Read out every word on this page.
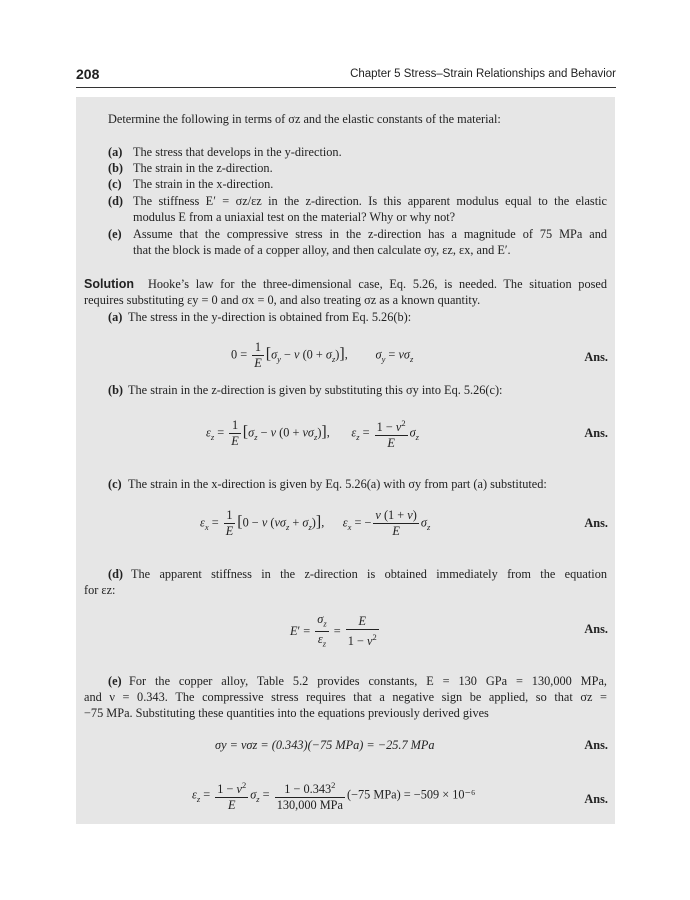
208	Chapter 5 Stress–Strain Relationships and Behavior
Determine the following in terms of σz and the elastic constants of the material:
(a) The stress that develops in the y-direction.
(b) The strain in the z-direction.
(c) The strain in the x-direction.
(d) The stiffness E′ = σz/εz in the z-direction. Is this apparent modulus equal to the elastic
modulus E from a uniaxial test on the material? Why or why not?
(e) Assume that the compressive stress in the z-direction has a magnitude of 75 MPa and
that the block is made of a copper alloy, and then calculate σy, εz, εx, and E′.
Solution Hooke’s law for the three-dimensional case, Eq. 5.26, is needed. The situation posed
requires substituting εy = 0 and σx = 0, and also treating σz as a known quantity.
(a) The stress in the y-direction is obtained from Eq. 5.26(b):
$0 = \frac{1}{E} [\sigma_y - \nu$ $(0 + \sigma_z)$],         $\sigma_y = \nu\sigma_z$	Ans.
(b) The strain in the z-direction is given by substituting this σy into Eq. 5.26(c):
$\varepsilon_z = \frac{1}{E} [\sigma_z - \nu$ $(0 + \nu\sigma_z)$],       $\varepsilon_z = \frac{1 - \nu^2}{E} \sigma_z$	Ans.
(c) The strain in the x-direction is given by Eq. 5.26(a) with σy from part (a) substituted:
$\varepsilon_x = \frac{1}{E} [0 - \nu$ $(\nu\sigma_z + \sigma_z)$],      $\varepsilon_x$ = − $\frac{\nu (1 + \nu)}{E} \sigma_z$	Ans.
(d) The apparent stiffness in the z-direction is obtained immediately from the equation
for εz:
$E' = \frac{\sigma_z}{\varepsilon_z} = \frac{E}{1 - \nu^2}$	Ans.
(e) For the copper alloy, Table 5.2 provides constants, E = 130 GPa = 130,000 MPa,
and ν = 0.343. The compressive stress requires that a negative sign be applied, so that σz =
−75 MPa. Substituting these quantities into the equations previously derived gives
σy = νσz = (0.343)(−75 MPa) = −25.7 MPa	Ans.
$\varepsilon_z = \frac{1 - \nu^2}{E} \sigma_z = \frac{1 - 0.343^2}{\text{130,000 MPa}} (-75$ MPa) = −509 × 10⁻⁶	Ans.
